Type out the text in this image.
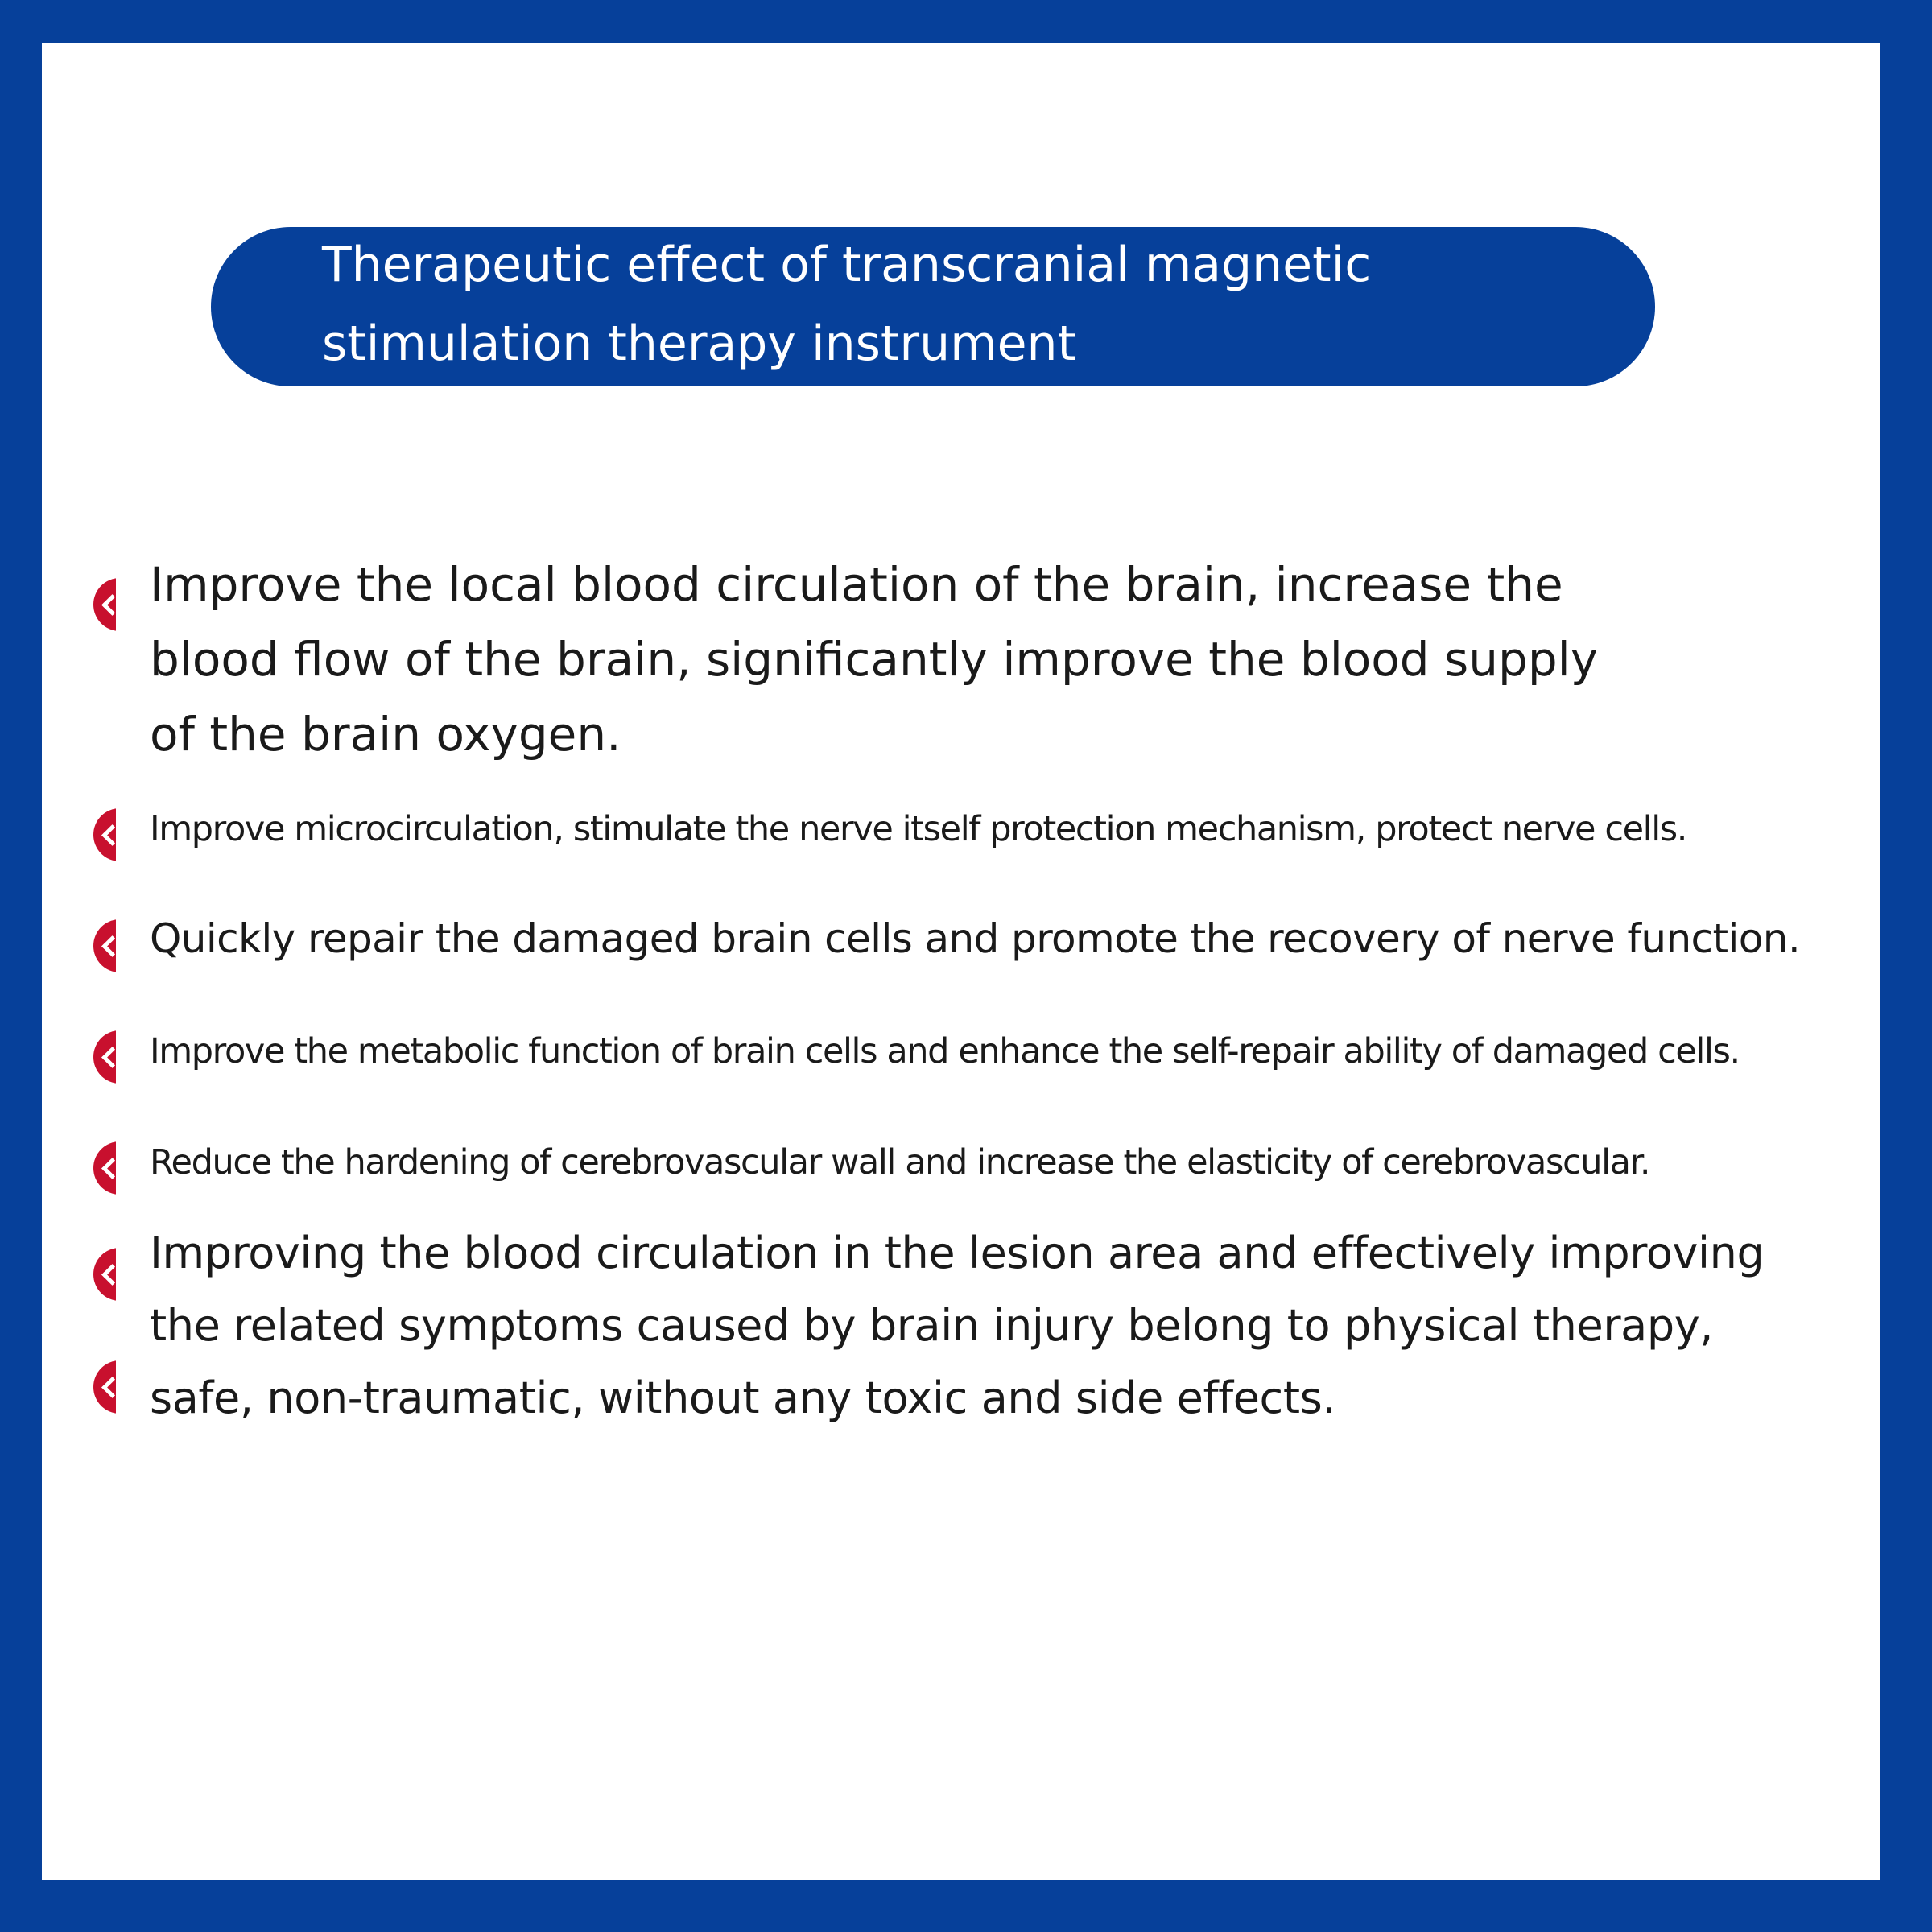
Therapeutic effect of transcranial magnetic
stimulation therapy instrument

Improve the local blood circulation of the brain, increase the
blood flow of the brain, significantly improve the blood supply
of the brain oxygen.

Improve microcirculation, stimulate the nerve itself protection mechanism, protect nerve cells.

Quickly repair the damaged brain cells and promote the recovery of nerve function.

Improve the metabolic function of brain cells and enhance the self-repair ability of damaged cells.

Reduce the hardening of cerebrovascular wall and increase the elasticity of cerebrovascular.

Improving the blood circulation in the lesion area and effectively improving
the related symptoms caused by brain injury belong to physical therapy,
safe, non-traumatic, without any toxic and side effects.
